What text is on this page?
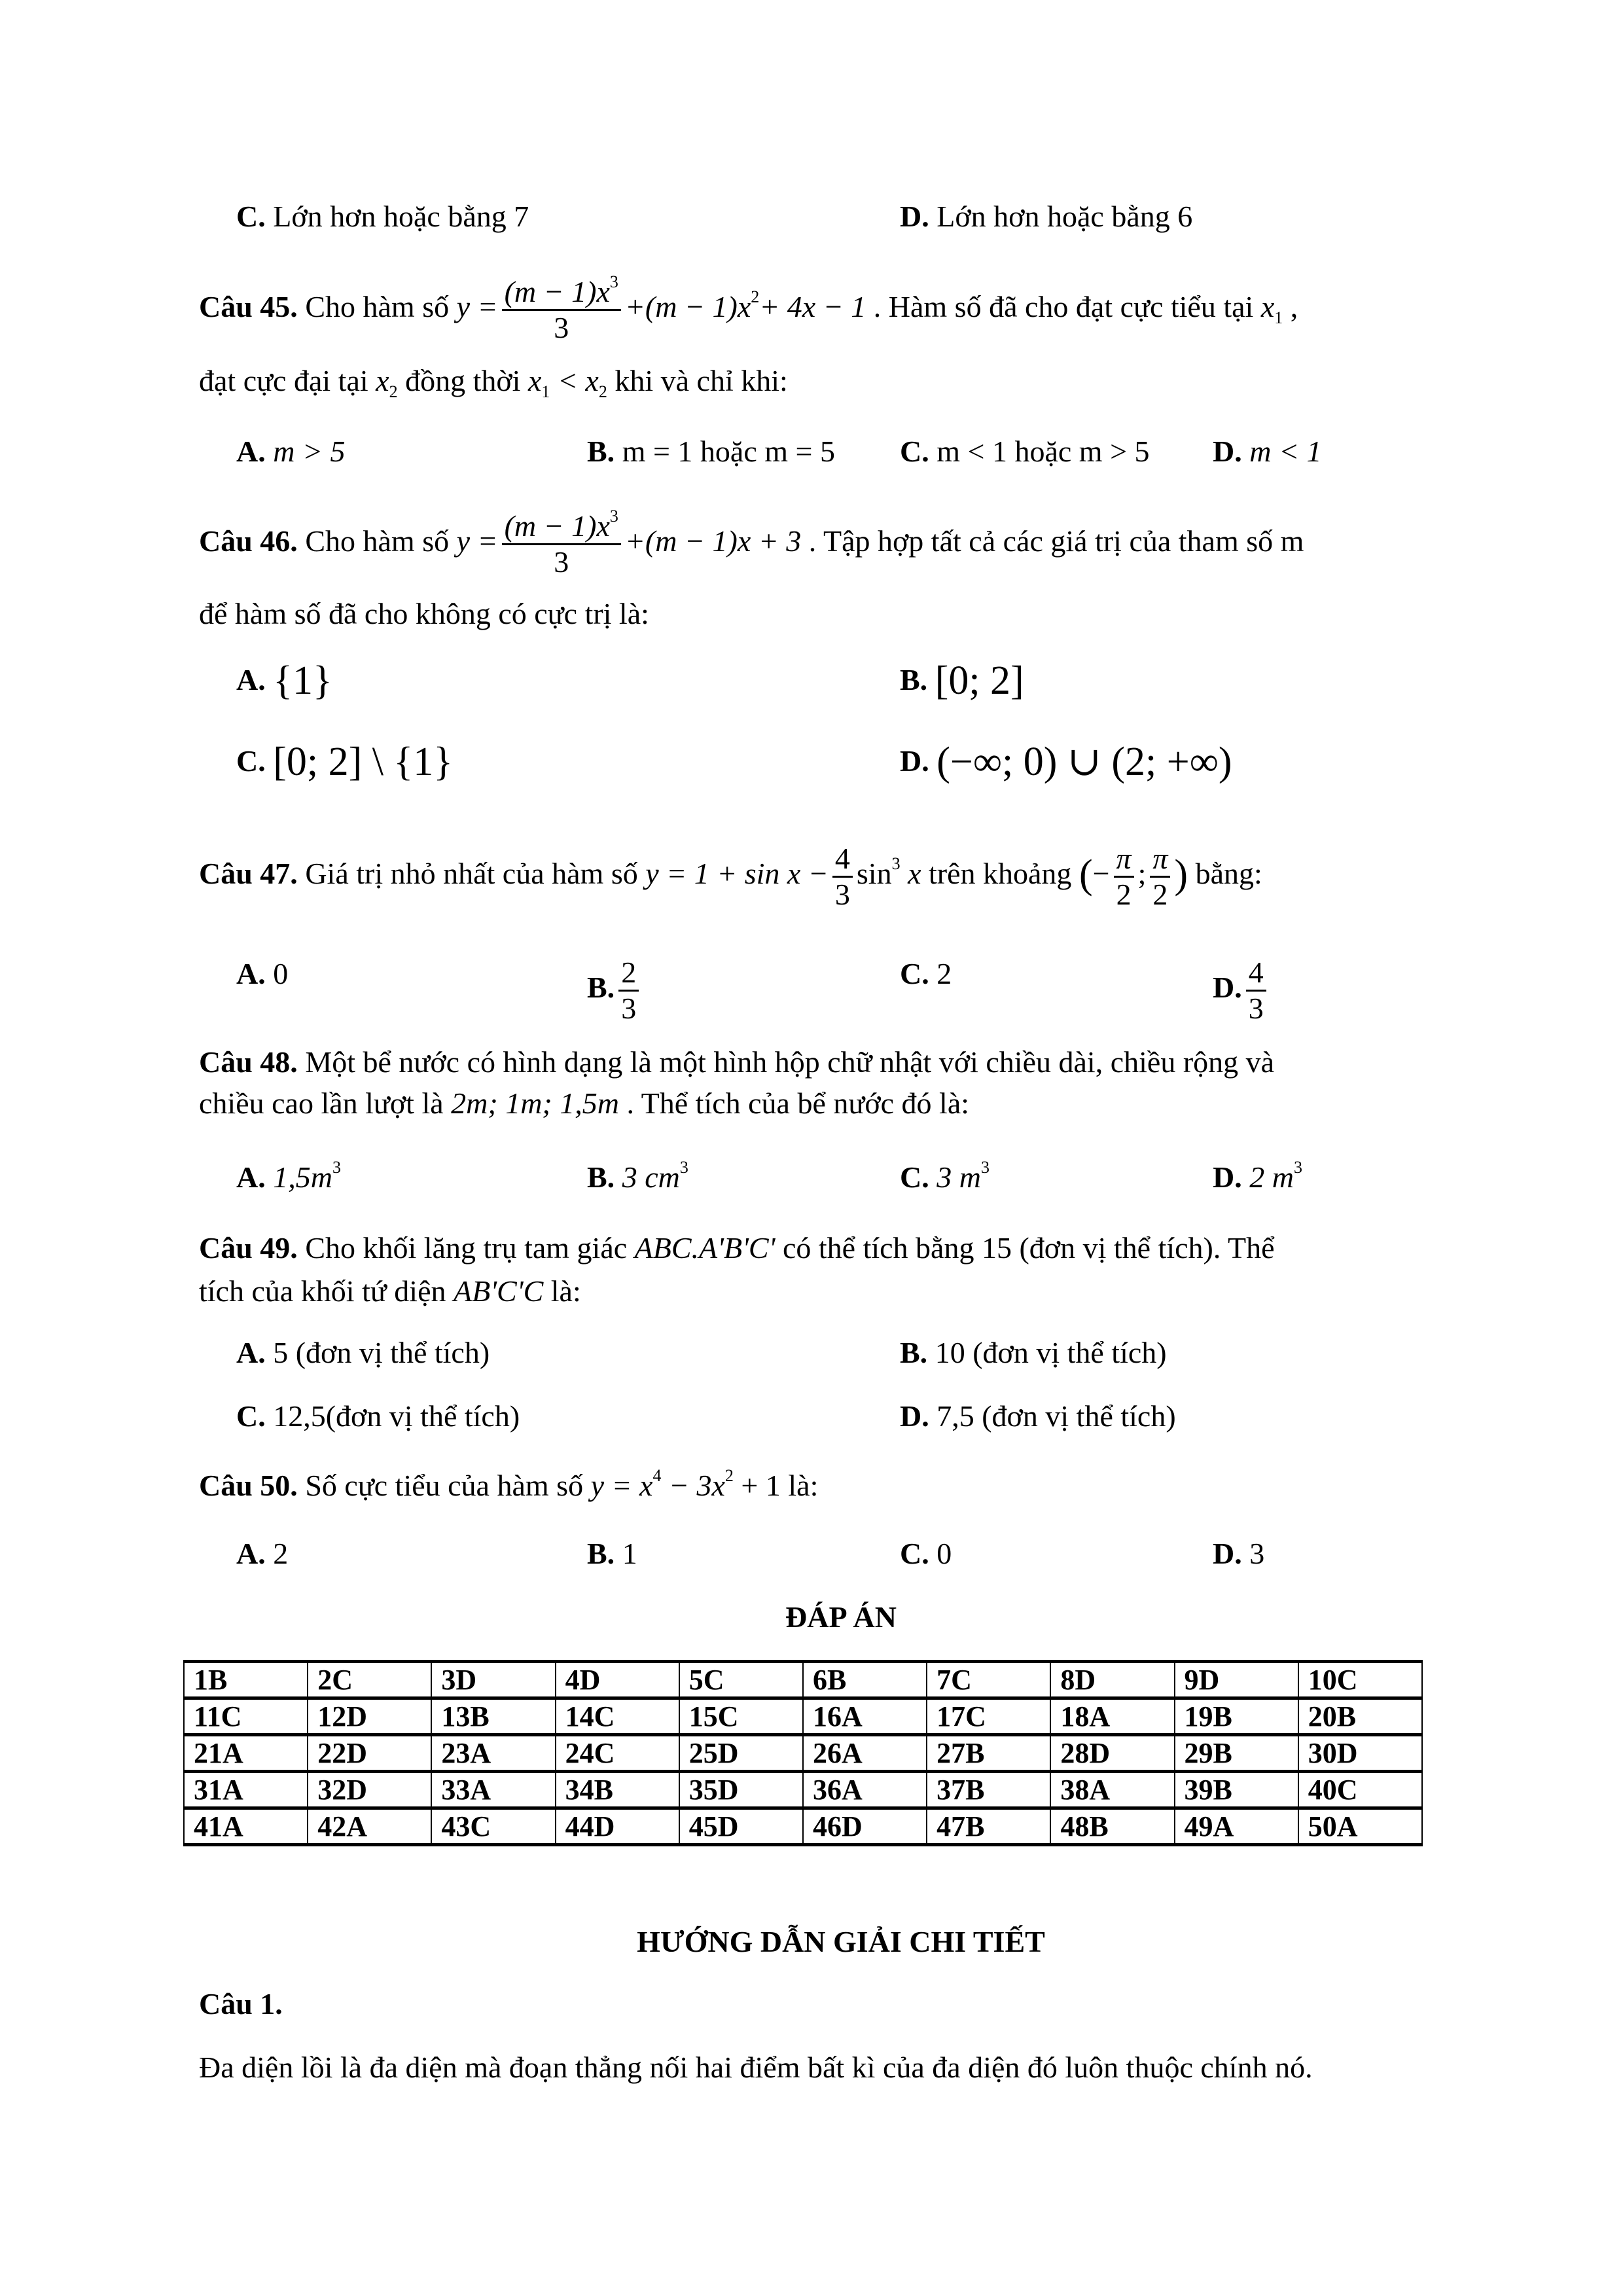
C. Lớn hơn hoặc bằng 7	D. Lớn hơn hoặc bằng 6
Câu 45. Cho hàm số $y = \frac{(m - 1)x^3}{3} +(m - 1)x^2+ 4x - 1$ . Hàm số đã cho đạt cực tiểu tại $x_1$ ,
đạt cực đại tại $x_2$ đồng thời $x_1 < x_2$ khi và chỉ khi:
A. m > 5	B. m = 1 hoặc m = 5 C. m < 1 hoặc m > 5 D. m < 1
Câu 46. Cho hàm số $y = \frac{(m - 1)x^3}{3} +(m - 1)x + 3$ . Tập hợp tất cả các giá trị của tham số m
để hàm số đã cho không có cực trị là:
A. {1}	B. [0; 2]
C. [0; 2] \ {1}	D. (−∞; 0) ∪ (2; +∞)
Câu 47. Giá trị nhỏ nhất của hàm số $y = 1 + \sin x - \frac{4}{3} \sin^3 x$ trên khoảng (− $\frac{\pi}{2}$ ; $\frac{\pi}{2}$ ) bằng:
A. 0	B. $\frac{2}{3}$	C. 2	D. $\frac{4}{3}$
Câu 48. Một bể nước có hình dạng là một hình hộp chữ nhật với chiều dài, chiều rộng và
chiều cao lần lượt là 2m; 1m; 1,5m . Thể tích của bể nước đó là:
A. $1,5m^3$	B. 3 $cm^3$	C. 3 $m^3$	D. 2 $m^3$
Câu 49. Cho khối lăng trụ tam giác ABC.A'B'C' có thể tích bằng 15 (đơn vị thể tích). Thể
tích của khối tứ diện AB'C'C là:
A. 5 (đơn vị thể tích)	B. 10 (đơn vị thể tích)
C. 12,5(đơn vị thể tích)	D. 7,5 (đơn vị thể tích)
Câu 50. Số cực tiểu của hàm số $y = x^4 - 3x^2 + 1$ là:
A. 2	B. 1	C. 0	D. 3
ĐÁP ÁN
1B	2C	3D	4D	5C	6B	7C	8D	9D	10C
11C	12D	13B	14C	15C	16A	17C	18A	19B	20B
21A	22D	23A	24C	25D	26A	27B	28D	29B	30D
31A	32D	33A	34B	35D	36A	37B	38A	39B	40C
41A	42A	43C	44D	45D	46D	47B	48B	49A	50A
HƯỚNG DẪN GIẢI CHI TIẾT
Câu 1.
Đa diện lồi là đa diện mà đoạn thẳng nối hai điểm bất kì của đa diện đó luôn thuộc chính nó.
